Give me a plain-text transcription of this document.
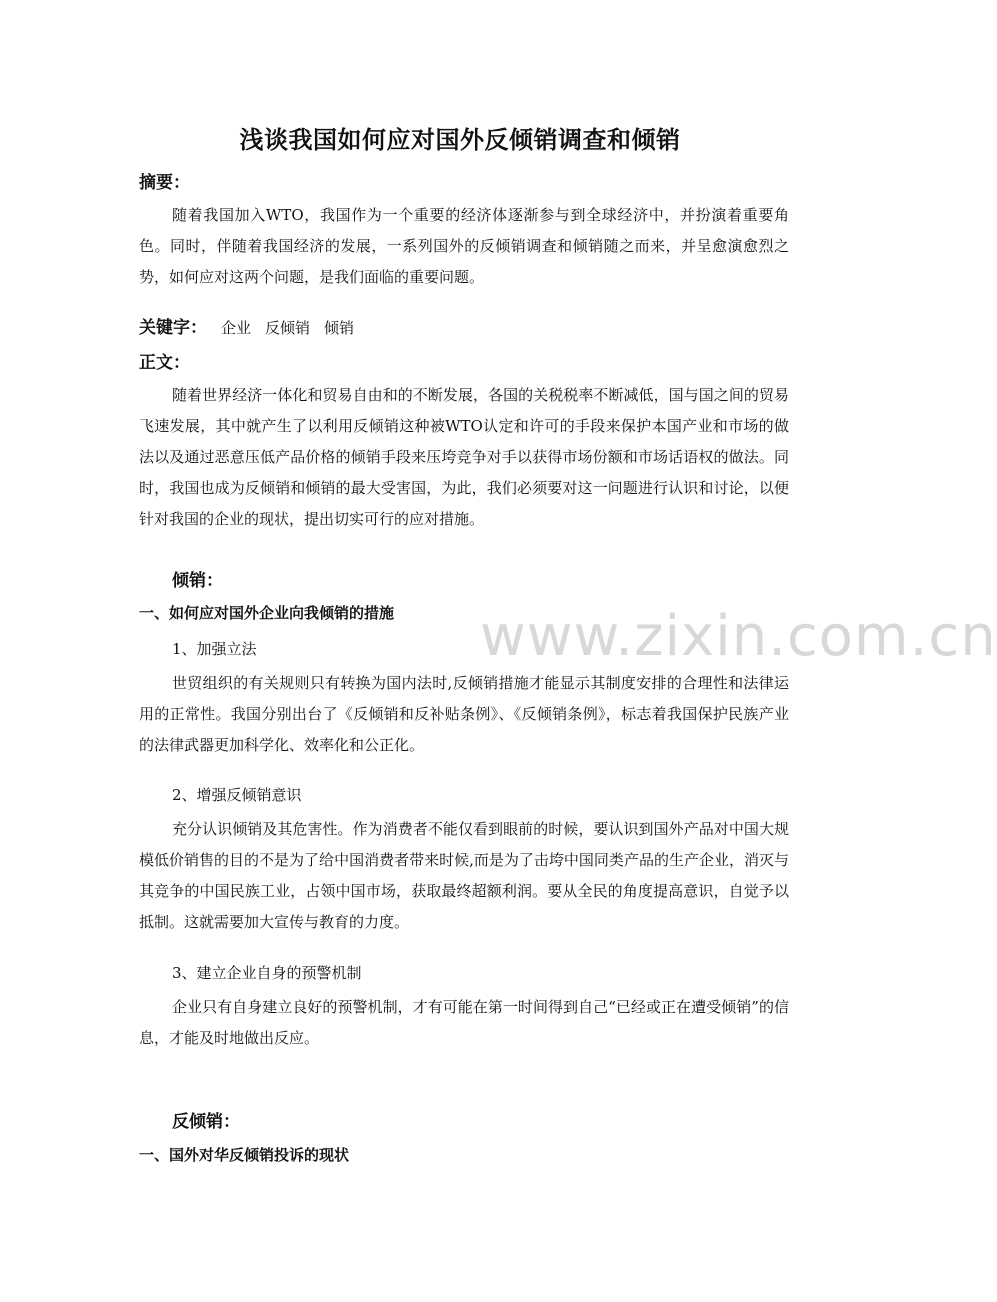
浅谈我国如何应对国外反倾销调查和倾销
摘要：
随着我国加入WTO，我国作为一个重要的经济体逐渐参与到全球经济中，并扮演着重要角色。同时，伴随着我国经济的发展，一系列国外的反倾销调查和倾销随之而来，并呈愈演愈烈之势，如何应对这两个问题，是我们面临的重要问题。
关键字： 企业 反倾销 倾销
正文：
随着世界经济一体化和贸易自由和的不断发展，各国的关税税率不断减低，国与国之间的贸易飞速发展，其中就产生了以利用反倾销这种被WTO认定和许可的手段来保护本国产业和市场的做法以及通过恶意压低产品价格的倾销手段来压垮竞争对手以获得市场份额和市场话语权的做法。同时，我国也成为反倾销和倾销的最大受害国，为此，我们必须要对这一问题进行认识和讨论，以便针对我国的企业的现状，提出切实可行的应对措施。
倾销：
一、如何应对国外企业向我倾销的措施
1、加强立法
世贸组织的有关规则只有转换为国内法时,反倾销措施才能显示其制度安排的合理性和法律运用的正常性。我国分别出台了《反倾销和反补贴条例》、《反倾销条例》，标志着我国保护民族产业的法律武器更加科学化、效率化和公正化。
2、增强反倾销意识
充分认识倾销及其危害性。作为消费者不能仅看到眼前的时候，要认识到国外产品对中国大规模低价销售的目的不是为了给中国消费者带来时候,而是为了击垮中国同类产品的生产企业，消灭与其竞争的中国民族工业，占领中国市场，获取最终超额利润。要从全民的角度提高意识，自觉予以抵制。这就需要加大宣传与教育的力度。
3、建立企业自身的预警机制
企业只有自身建立良好的预警机制，才有可能在第一时间得到自己“已经或正在遭受倾销”的信息，才能及时地做出反应。
反倾销：
一、国外对华反倾销投诉的现状
www.zixin.com.cn
